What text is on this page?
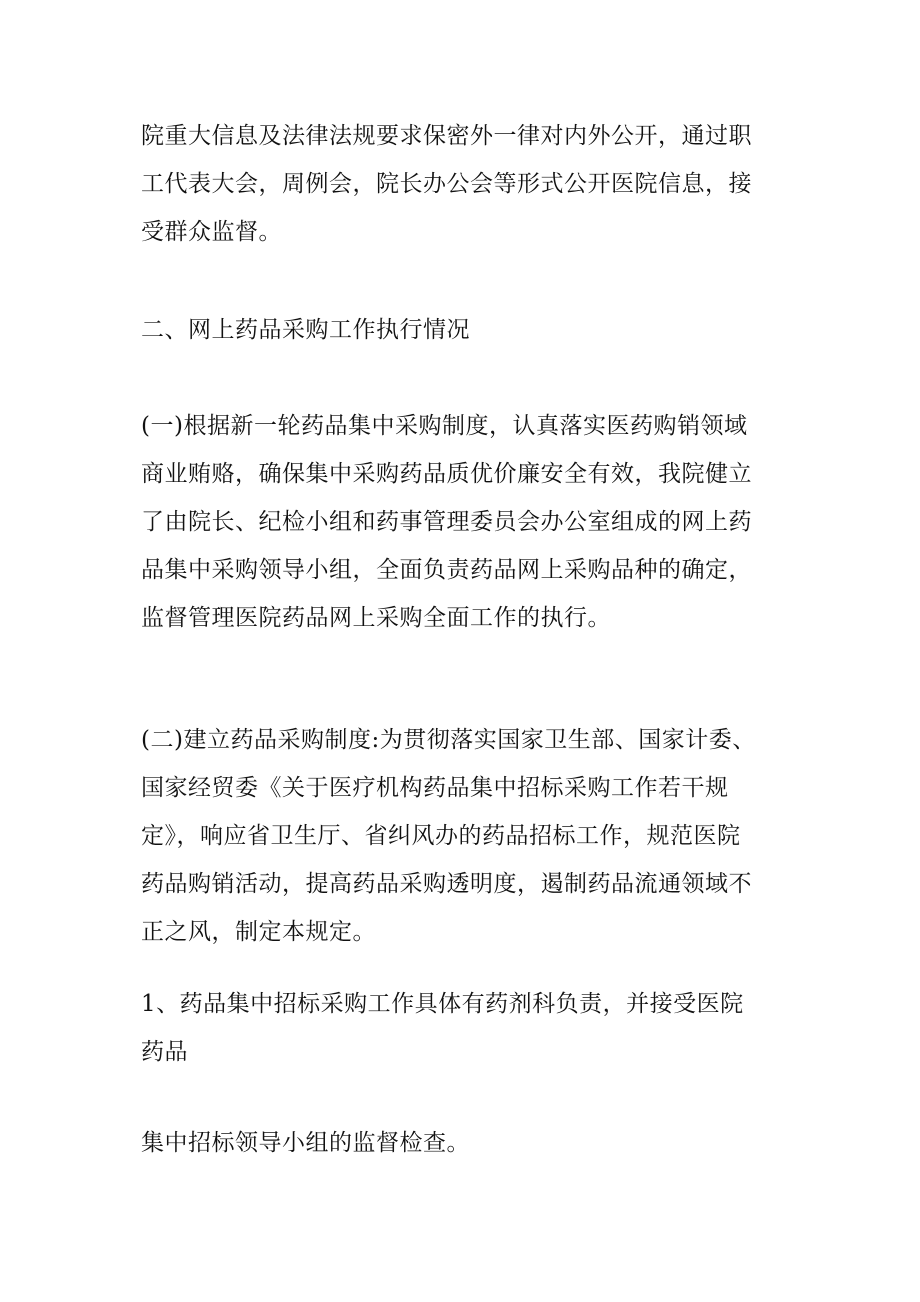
院重大信息及法律法规要求保密外一律对内外公开，通过职
工代表大会，周例会，院长办公会等形式公开医院信息，接
受群众监督。
二、网上药品采购工作执行情况
(一)根据新一轮药品集中采购制度，认真落实医药购销领域
商业贿赂，确保集中采购药品质优价廉安全有效，我院健立
了由院长、纪检小组和药事管理委员会办公室组成的网上药
品集中采购领导小组，全面负责药品网上采购品种的确定，
监督管理医院药品网上采购全面工作的执行。
(二)建立药品采购制度:为贯彻落实国家卫生部、国家计委、
国家经贸委《关于医疗机构药品集中招标采购工作若干规
定》，响应省卫生厅、省纠风办的药品招标工作，规范医院
药品购销活动，提高药品采购透明度，遏制药品流通领域不
正之风，制定本规定。
1、药品集中招标采购工作具体有药剂科负责，并接受医院
药品
集中招标领导小组的监督检查。
